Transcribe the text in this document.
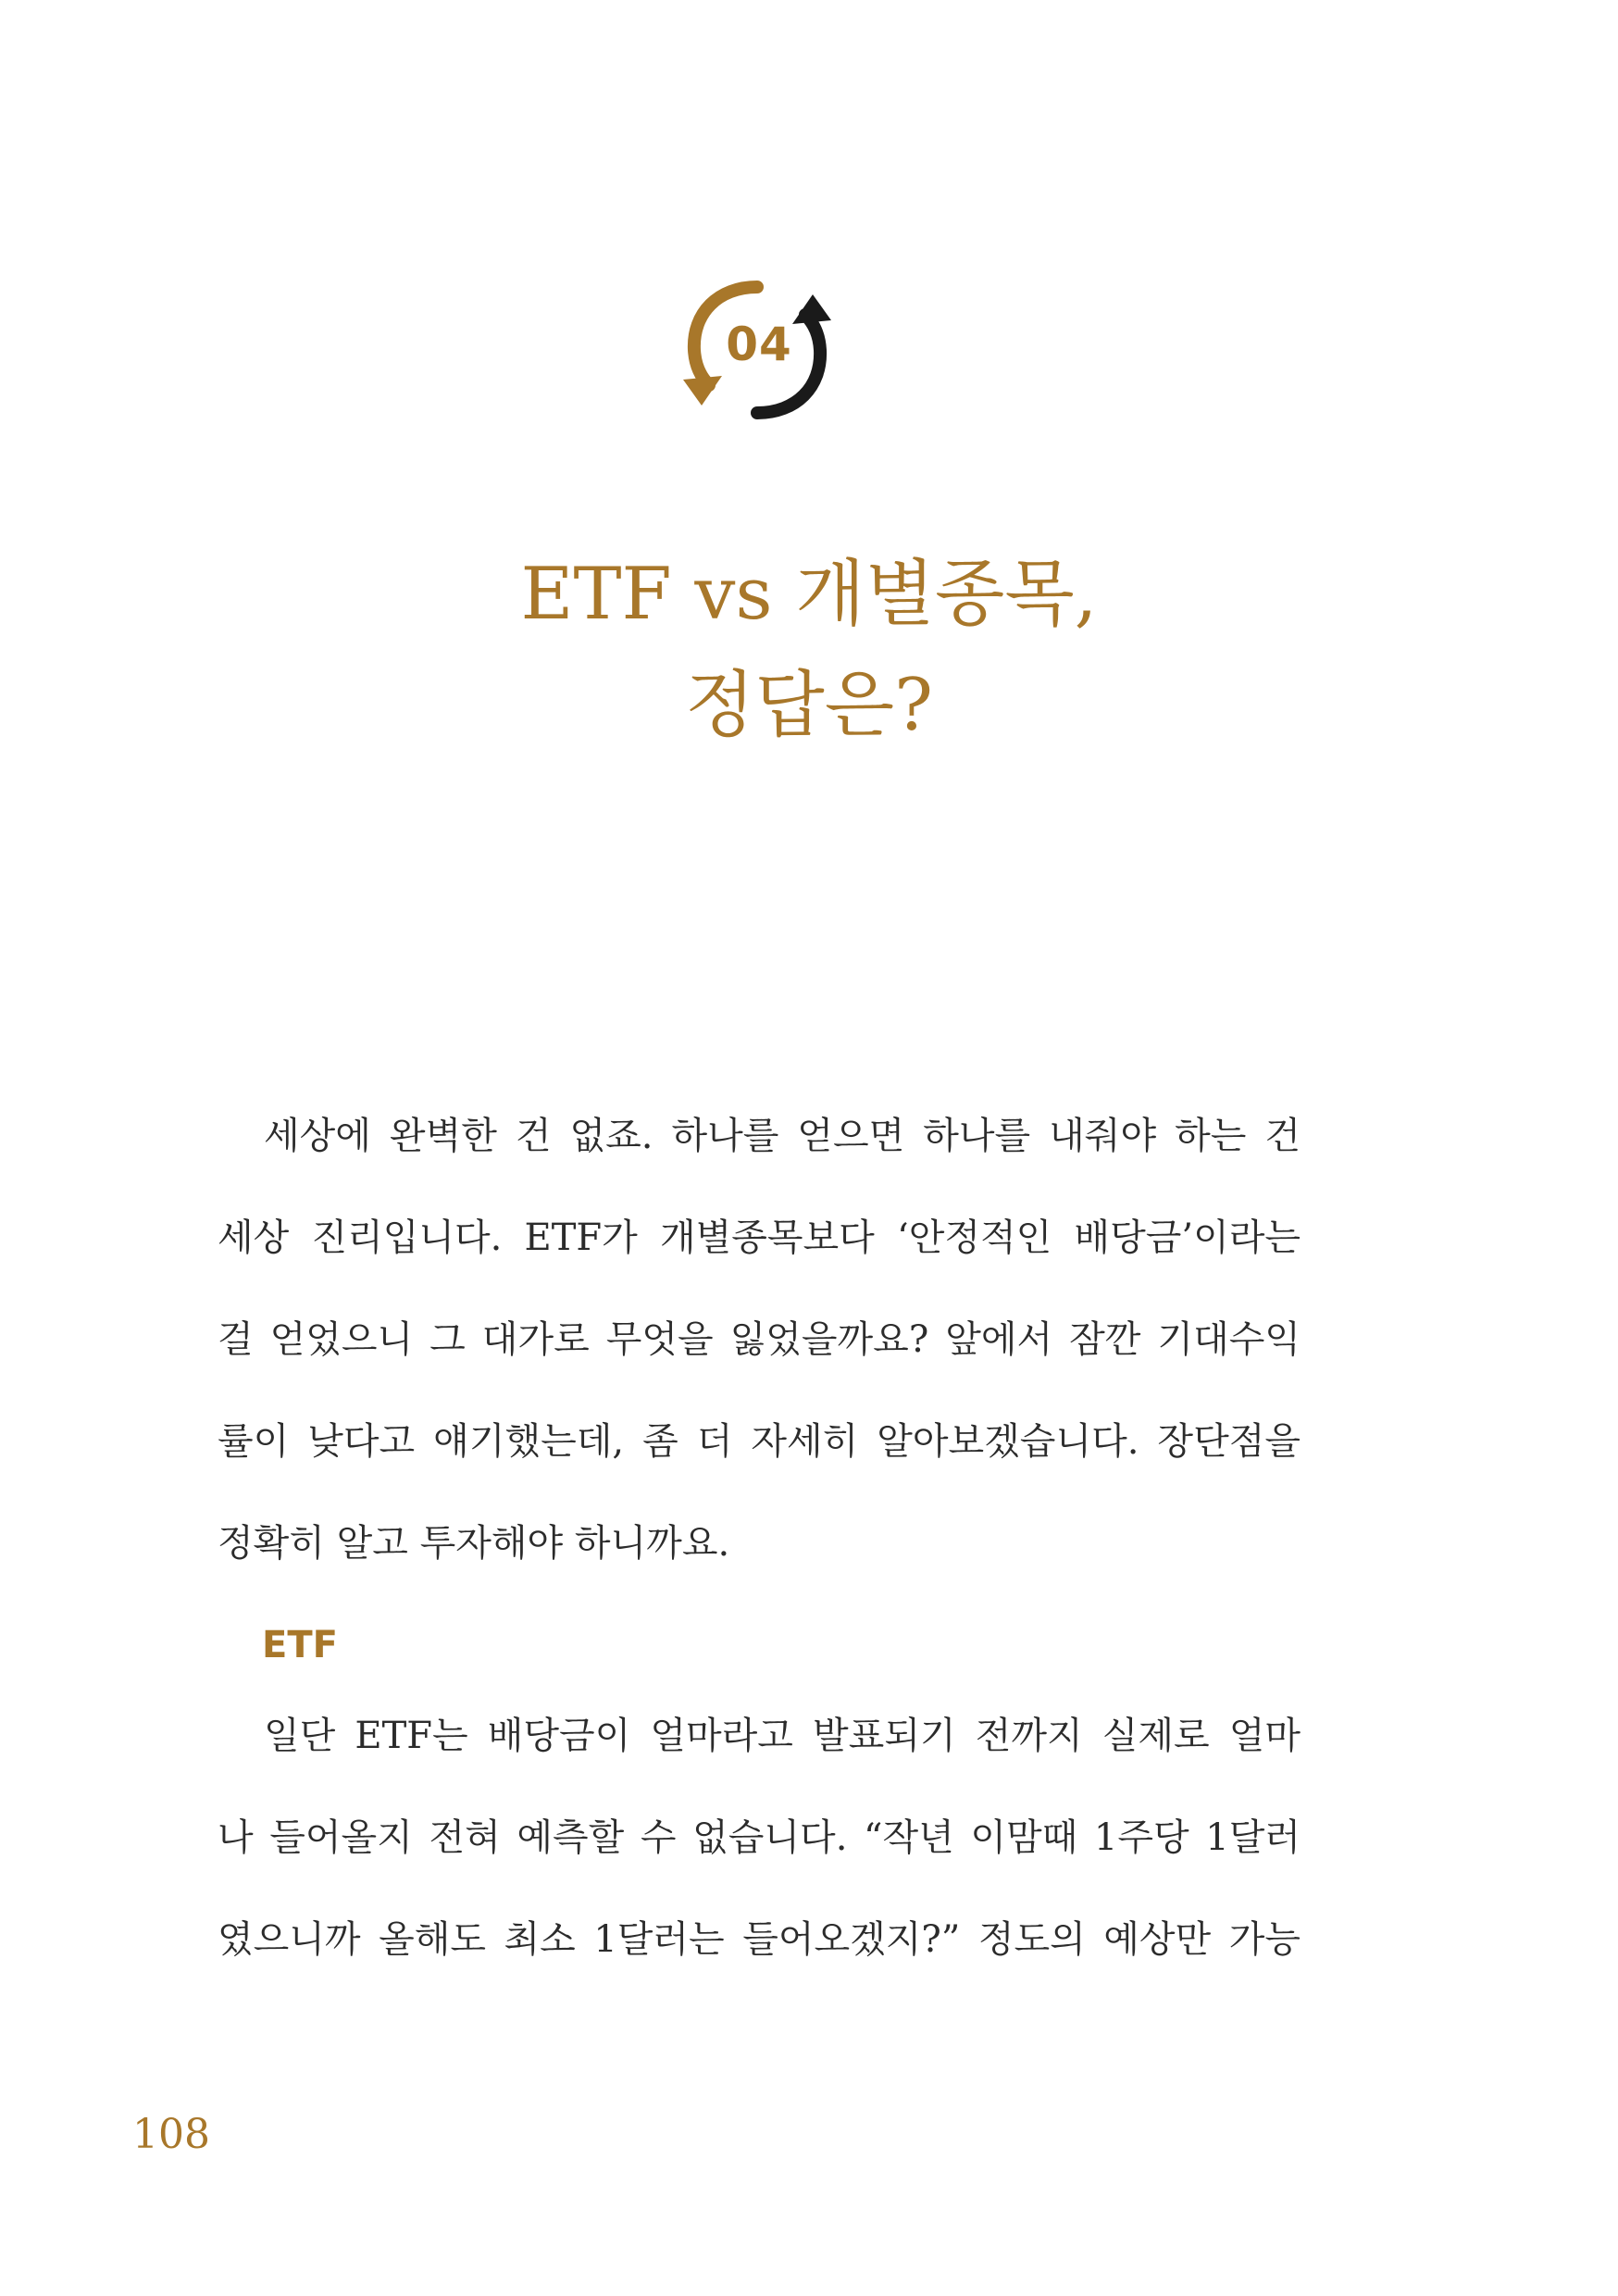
04
ETF vs 개별종목,
정답은?
세상에 완벽한 건 없죠. 하나를 얻으면 하나를 내줘야 하는 건
세상 진리입니다. ETF가 개별종목보다 ‘안정적인 배당금’이라는
걸 얻었으니 그 대가로 무엇을 잃었을까요? 앞에서 잠깐 기대수익
률이 낮다고 얘기했는데, 좀 더 자세히 알아보겠습니다. 장단점을
정확히 알고 투자해야 하니까요.
ETF
일단 ETF는 배당금이 얼마라고 발표되기 전까지 실제로 얼마
나 들어올지 전혀 예측할 수 없습니다. “작년 이맘때 1주당 1달러
였으니까 올해도 최소 1달러는 들어오겠지?” 정도의 예상만 가능
108
